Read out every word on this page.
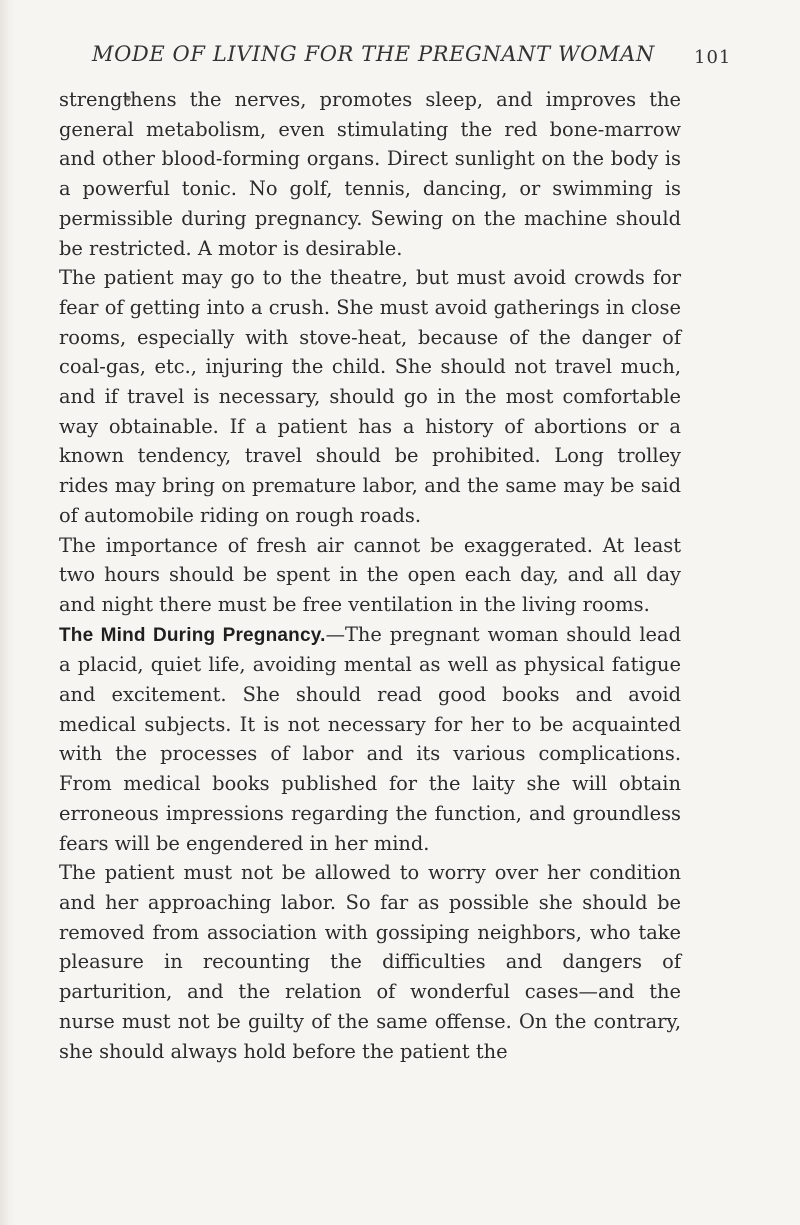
MODE OF LIVING FOR THE PREGNANT WOMAN	101

strengthens the nerves, promotes sleep, and improves the general metabolism, even stimulating the red bone-marrow and other blood-forming organs. Direct sunlight on the body is a powerful tonic. No golf, tennis, dancing, or swimming is permissible during pregnancy. Sewing on the machine should be restricted. A motor is desirable.

The patient may go to the theatre, but must avoid crowds for fear of getting into a crush. She must avoid gatherings in close rooms, especially with stove-heat, because of the danger of coal-gas, etc., injuring the child. She should not travel much, and if travel is necessary, should go in the most comfortable way obtainable. If a patient has a history of abortions or a known tendency, travel should be prohibited. Long trolley rides may bring on premature labor, and the same may be said of automobile riding on rough roads.

The importance of fresh air cannot be exaggerated. At least two hours should be spent in the open each day, and all day and night there must be free ventilation in the living rooms.

The Mind During Pregnancy.—The pregnant woman should lead a placid, quiet life, avoiding mental as well as physical fatigue and excitement. She should read good books and avoid medical subjects. It is not necessary for her to be acquainted with the processes of labor and its various complications. From medical books published for the laity she will obtain erroneous impressions regarding the function, and groundless fears will be engendered in her mind.

The patient must not be allowed to worry over her condition and her approaching labor. So far as possible she should be removed from association with gossiping neighbors, who take pleasure in recounting the difficulties and dangers of parturition, and the relation of wonderful cases—and the nurse must not be guilty of the same offense. On the contrary, she should always hold before the patient the
